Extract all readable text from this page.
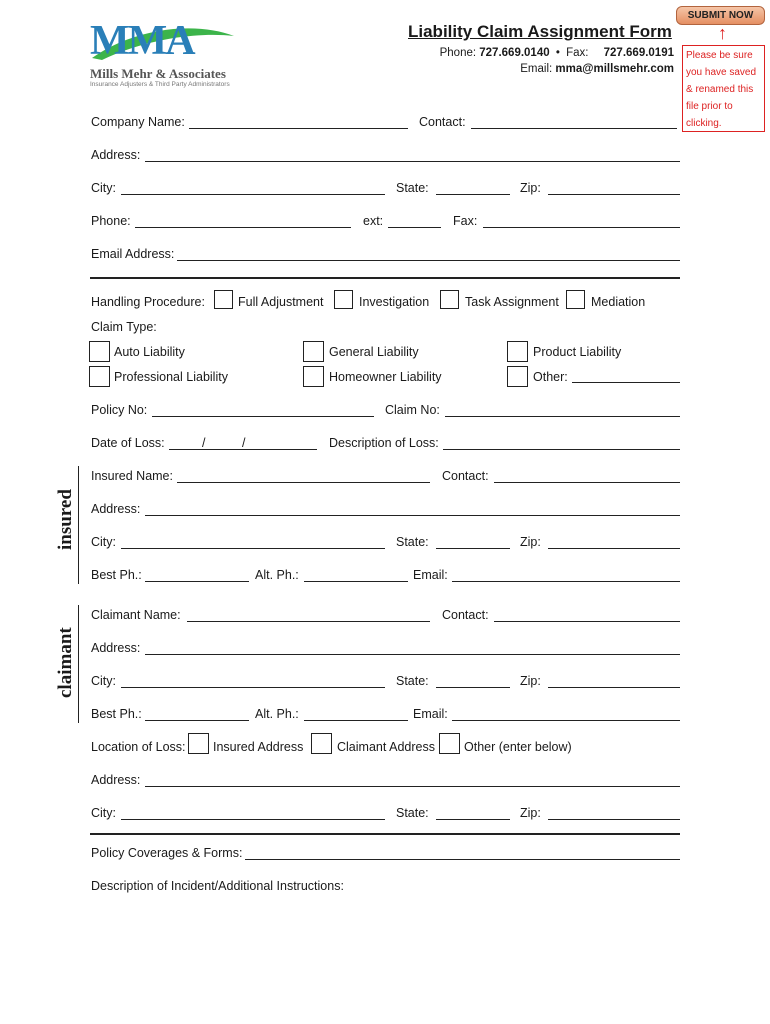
MMA
Mills Mehr & Associates
Insurance Adjusters & Third Party Administrators
Liability Claim Assignment Form
Phone: 727.669.0140 • Fax: 727.669.0191
Email: mma@millsmehr.com
SUBMIT NOW
↑
Please be sure you have saved & renamed this file prior to clicking.
Company Name:	Contact:
Address:
City:	State:	Zip:
Phone:	ext:	Fax:
Email Address:
Handling Procedure:	Full Adjustment	Investigation	Task Assignment	Mediation
Claim Type:
Auto Liability	General Liability	Product Liability
Professional Liability	Homeowner Liability	Other:
Policy No:	Claim No:
Date of Loss:	/	/	Description of Loss:
insured
Insured Name:	Contact:
Address:
City:	State:	Zip:
Best Ph.:	Alt. Ph.:	Email:
claimant
Claimant Name:	Contact:
Address:
City:	State:	Zip:
Best Ph.:	Alt. Ph.:	Email:
Location of Loss: Insured Address	Claimant Address Other (enter below)
Address:
City:	State:	Zip:
Policy Coverages & Forms:
Description of Incident/Additional Instructions:
